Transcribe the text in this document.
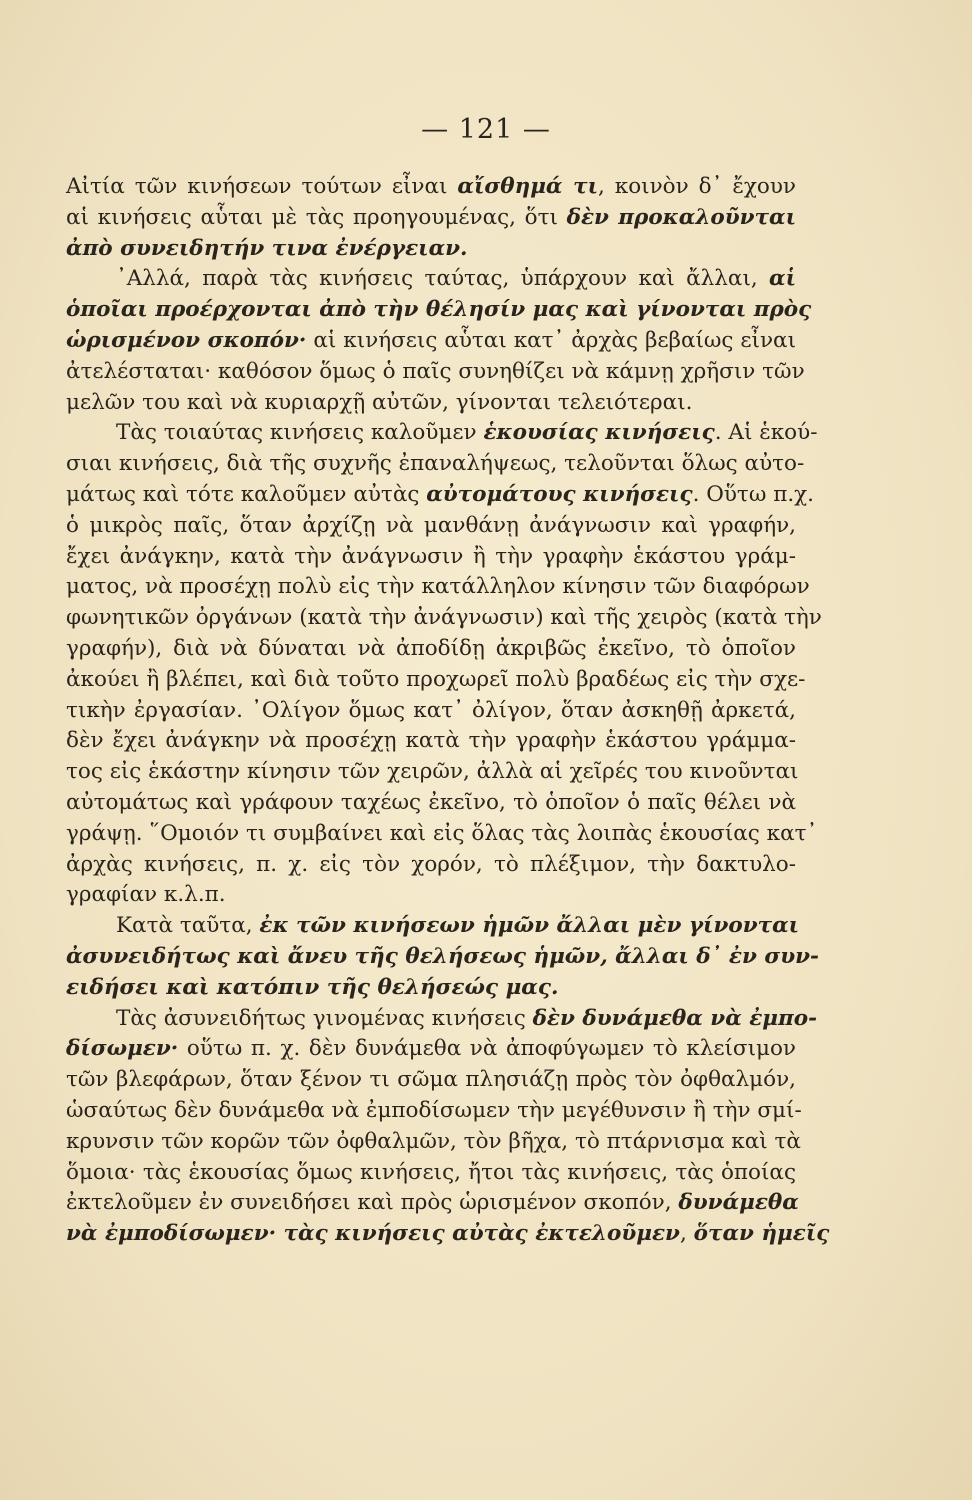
— 121 —
Αἰτία τῶν κινήσεων τούτων εἶναι αἴσθημά τι, κοινὸν δ᾿ ἔχουν
αἱ κινήσεις αὗται μὲ τὰς προηγουμένας, ὅτι δὲν προκαλοῦνται
ἀπὸ συνειδητήν τινα ἐνέργειαν.
᾿Αλλά, παρὰ τὰς κινήσεις ταύτας, ὑπάρχουν καὶ ἄλλαι, αἱ
ὁποῖαι προέρχονται ἀπὸ τὴν θέλησίν μας καὶ γίνονται πρὸς
ὡρισμένον σκοπόν· αἱ κινήσεις αὗται κατ᾿ ἀρχὰς βεβαίως εἶναι
ἀτελέσταται· καθόσον ὅμως ὁ παῖς συνηθίζει νὰ κάμνῃ χρῆσιν τῶν
μελῶν του καὶ νὰ κυριαρχῇ αὐτῶν, γίνονται τελειότεραι.
Τὰς τοιαύτας κινήσεις καλοῦμεν ἑκουσίας κινήσεις. Αἱ ἑκού-
σιαι κινήσεις, διὰ τῆς συχνῆς ἐπαναλήψεως, τελοῦνται ὅλως αὐτο-
μάτως καὶ τότε καλοῦμεν αὐτὰς αὐτομάτους κινήσεις. Οὕτω π.χ.
ὁ μικρὸς παῖς, ὅταν ἀρχίζῃ νὰ μανθάνῃ ἀνάγνωσιν καὶ γραφήν,
ἔχει ἀνάγκην, κατὰ τὴν ἀνάγνωσιν ἢ τὴν γραφὴν ἑκάστου γράμ-
ματος, νὰ προσέχῃ πολὺ εἰς τὴν κατάλληλον κίνησιν τῶν διαφόρων
φωνητικῶν ὀργάνων (κατὰ τὴν ἀνάγνωσιν) καὶ τῆς χειρὸς (κατὰ τὴν
γραφήν), διὰ νὰ δύναται νὰ ἀποδίδῃ ἀκριβῶς ἐκεῖνο, τὸ ὁποῖον
ἀκούει ἢ βλέπει, καὶ διὰ τοῦτο προχωρεῖ πολὺ βραδέως εἰς τὴν σχε-
τικὴν ἐργασίαν. ᾿Ολίγον ὅμως κατ᾿ ὀλίγον, ὅταν ἀσκηθῇ ἀρκετά,
δὲν ἔχει ἀνάγκην νὰ προσέχῃ κατὰ τὴν γραφὴν ἑκάστου γράμμα-
τος εἰς ἑκάστην κίνησιν τῶν χειρῶν, ἀλλὰ αἱ χεῖρές του κινοῦνται
αὐτομάτως καὶ γράφουν ταχέως ἐκεῖνο, τὸ ὁποῖον ὁ παῖς θέλει νὰ
γράψῃ. ῞Ομοιόν τι συμβαίνει καὶ εἰς ὅλας τὰς λοιπὰς ἑκουσίας κατ᾿
ἀρχὰς κινήσεις, π. χ. εἰς τὸν χορόν, τὸ πλέξιμον, τὴν δακτυλο-
γραφίαν κ.λ.π.
Κατὰ ταῦτα, ἐκ τῶν κινήσεων ἡμῶν ἄλλαι μὲν γίνονται
ἀσυνειδήτως καὶ ἄνευ τῆς θελήσεως ἡμῶν, ἄλλαι δ᾿ ἐν συν-
ειδήσει καὶ κατόπιν τῆς θελήσεώς μας.
Τὰς ἀσυνειδήτως γινομένας κινήσεις δὲν δυνάμεθα νὰ ἐμπο-
δίσωμεν· οὕτω π. χ. δὲν δυνάμεθα νὰ ἀποφύγωμεν τὸ κλείσιμον
τῶν βλεφάρων, ὅταν ξένον τι σῶμα πλησιάζῃ πρὸς τὸν ὀφθαλμόν,
ὡσαύτως δὲν δυνάμεθα νὰ ἐμποδίσωμεν τὴν μεγέθυνσιν ἢ τὴν σμί-
κρυνσιν τῶν κορῶν τῶν ὀφθαλμῶν, τὸν βῆχα, τὸ πτάρνισμα καὶ τὰ
ὅμοια· τὰς ἑκουσίας ὅμως κινήσεις, ἤτοι τὰς κινήσεις, τὰς ὁποίας
ἐκτελοῦμεν ἐν συνειδήσει καὶ πρὸς ὡρισμένον σκοπόν, δυνάμεθα
νὰ ἐμποδίσωμεν· τὰς κινήσεις αὐτὰς ἐκτελοῦμεν, ὅταν ἡμεῖς
